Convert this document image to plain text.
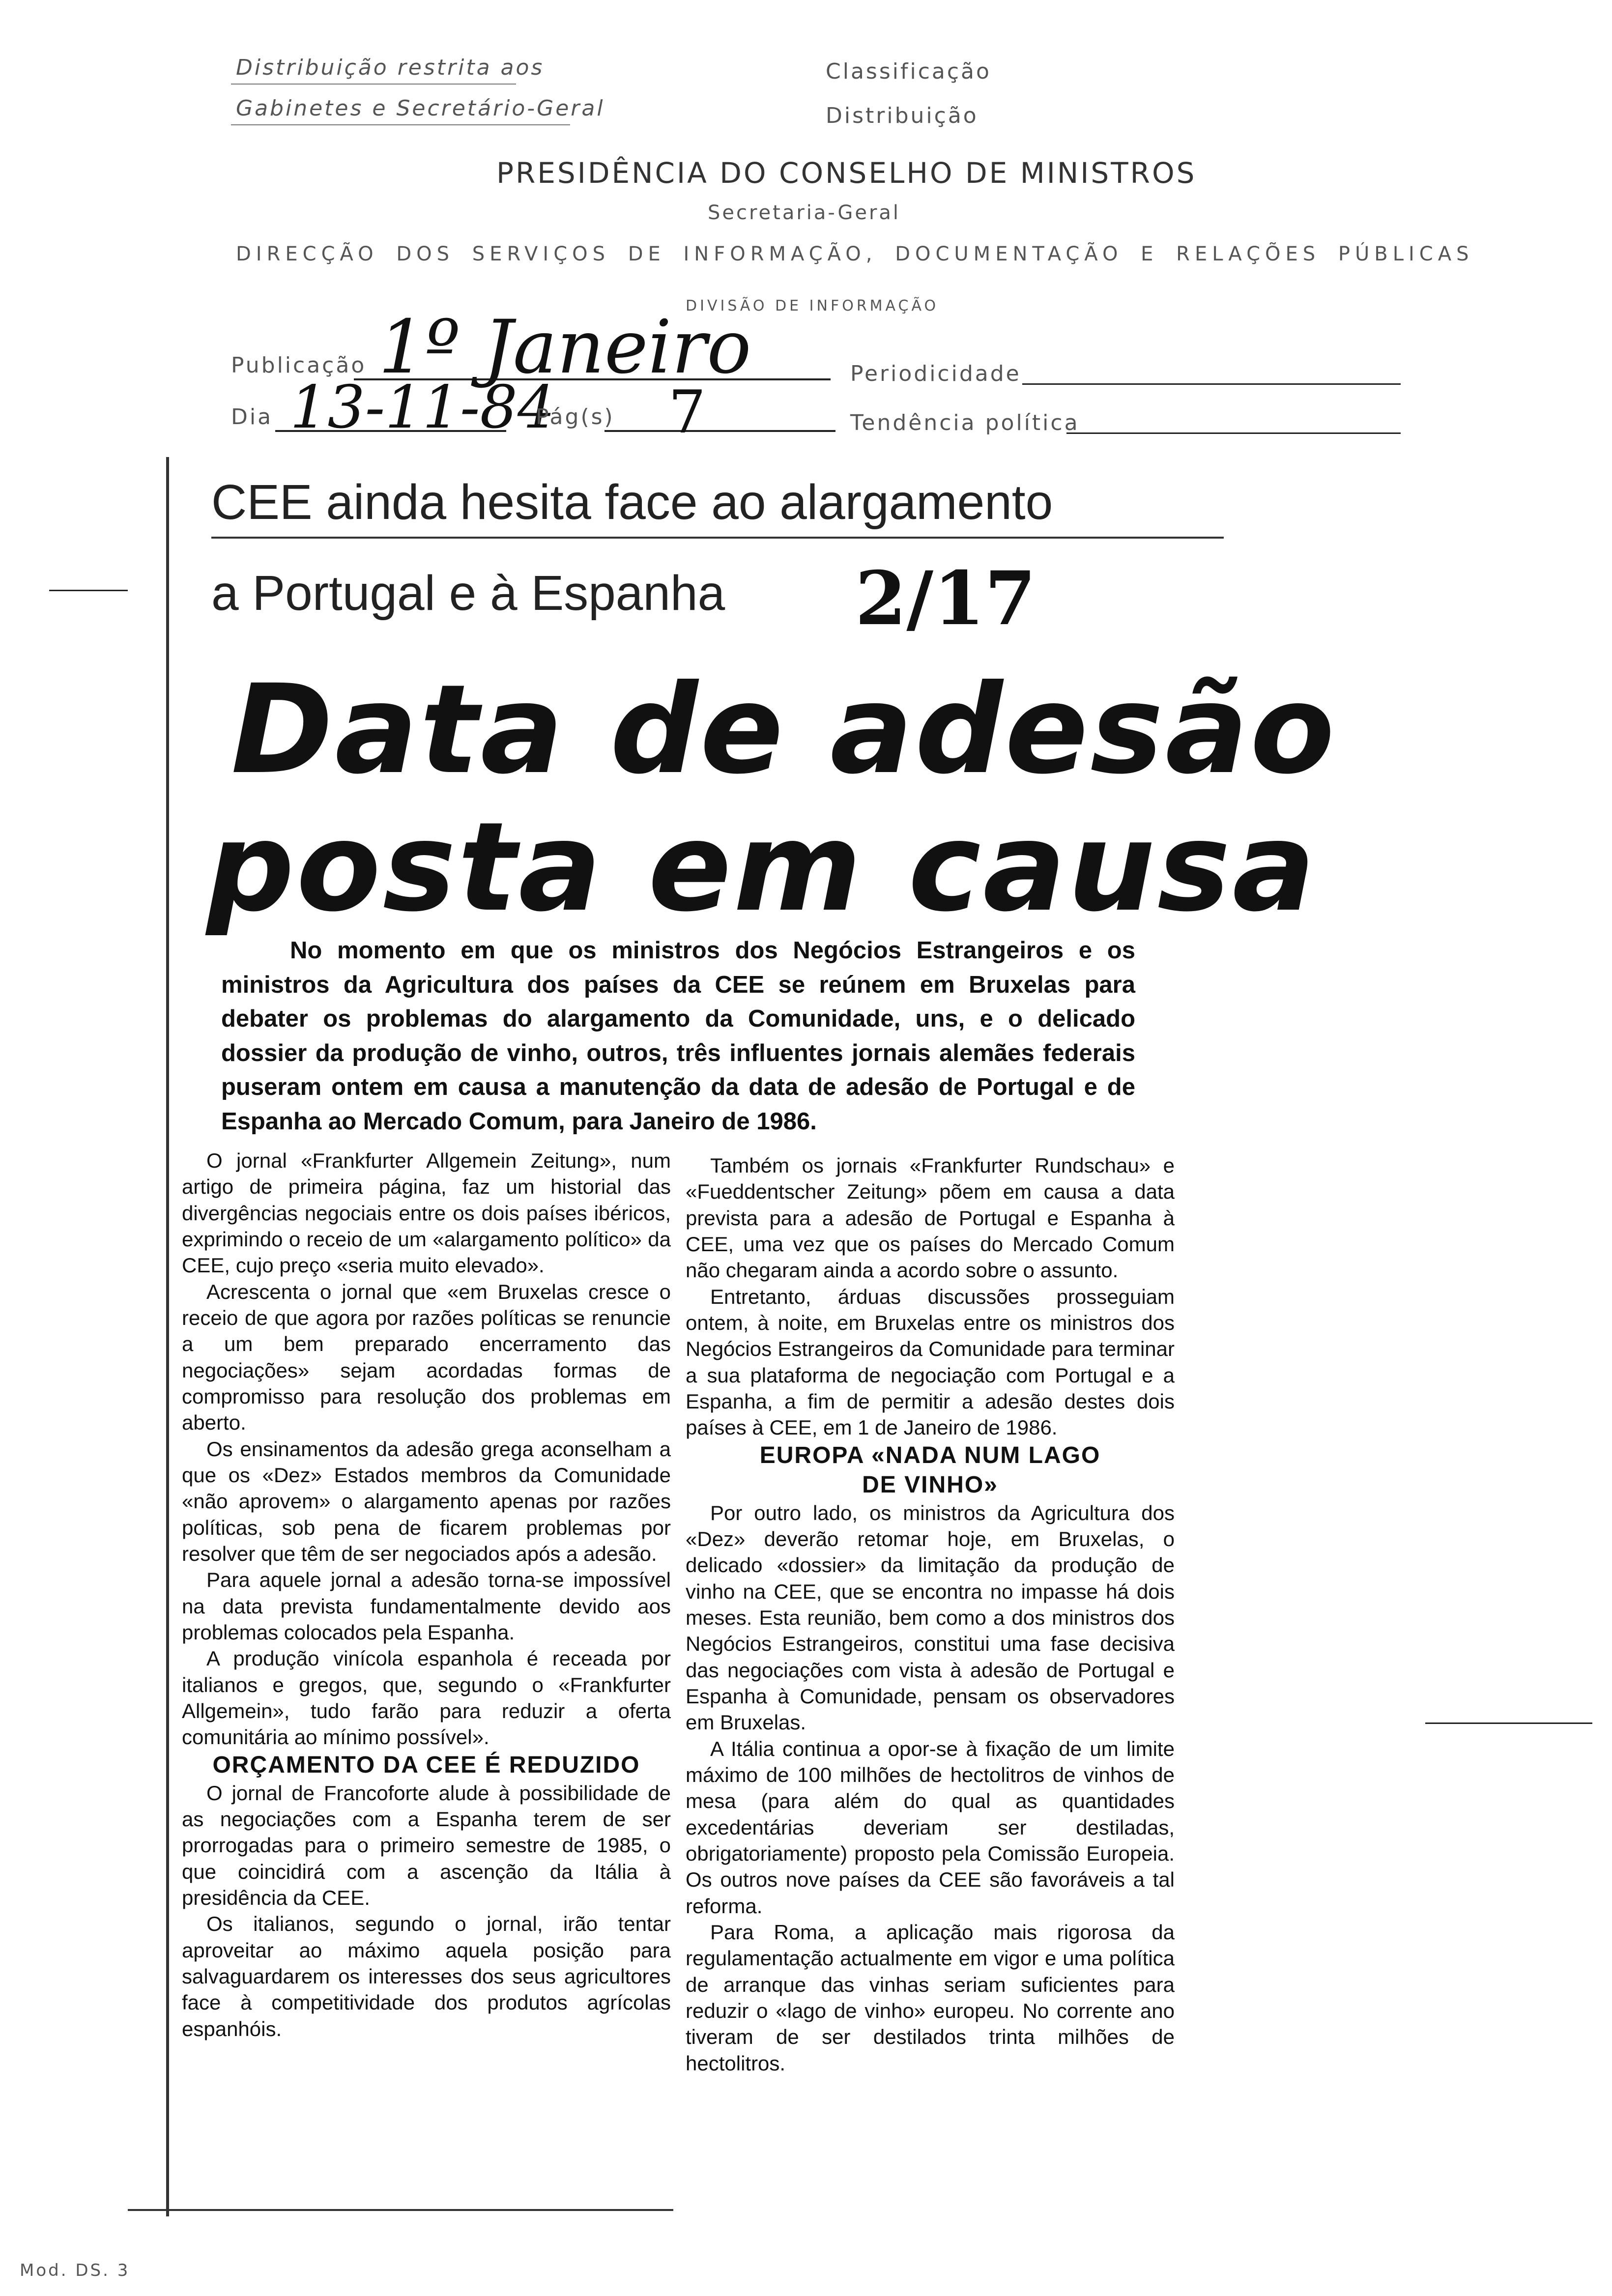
Distribuição restrita aos
Gabinetes e Secretário-Geral
Classificação
Distribuição
PRESIDÊNCIA DO CONSELHO DE MINISTROS
Secretaria-Geral
DIRECÇÃO DOS SERVIÇOS DE INFORMAÇÃO, DOCUMENTAÇÃO E RELAÇÕES PÚBLICAS
DIVISÃO DE INFORMAÇÃO
Publicação 1º Janeiro	Periodicidade
Dia 13-11-84
Pág(s) 7	Tendência política
CEE ainda hesita face ao alargamento
a Portugal e à Espanha 2/17
Data de adesão
posta em causa
No momento em que os ministros dos Negócios Estrangeiros e os ministros da Agricultura dos países da CEE se reúnem em Bruxelas para debater os problemas do alargamento da Comunidade, uns, e o delicado dossier da produção de vinho, outros, três influentes jornais alemães federais puseram ontem em causa a manutenção da data de adesão de Portugal e de Espanha ao Mercado Comum, para Janeiro de 1986.

O jornal «Frankfurter Allgemein Zeitung», num artigo de primeira página, faz um historial das divergências negociais entre os dois países ibéricos, exprimindo o receio de um «alargamento político» da CEE, cujo preço «seria muito elevado».

Acrescenta o jornal que «em Bruxelas cresce o receio de que agora por razões políticas se renuncie a um bem preparado encerramento das negociações» sejam acordadas formas de compromisso para resolução dos problemas em aberto.

Os ensinamentos da adesão grega aconselham a que os «Dez» Estados membros da Comunidade «não aprovem» o alargamento apenas por razões políticas, sob pena de ficarem problemas por resolver que têm de ser negociados após a adesão.

Para aquele jornal a adesão torna-se impossível na data prevista fundamentalmente devido aos problemas colocados pela Espanha.

A produção vinícola espanhola é receada por italianos e gregos, que, segundo o «Frankfurter Allgemein», tudo farão para reduzir a oferta comunitária ao mínimo possível».

ORÇAMENTO DA CEE É REDUZIDO

O jornal de Francoforte alude à possibilidade de as negociações com a Espanha terem de ser prorrogadas para o primeiro semestre de 1985, o que coincidirá com a ascenção da Itália à presidência da CEE.

Os italianos, segundo o jornal, irão tentar aproveitar ao máximo aquela posição para salvaguardarem os interesses dos seus agricultores face à competitividade dos produtos agrícolas espanhóis.

Também os jornais «Frankfurter Rundschau» e «Fueddentscher Zeitung» põem em causa a data prevista para a adesão de Portugal e Espanha à CEE, uma vez que os países do Mercado Comum não chegaram ainda a acordo sobre o assunto.

Entretanto, árduas discussões prosseguiam ontem, à noite, em Bruxelas entre os ministros dos Negócios Estrangeiros da Comunidade para terminar a sua plataforma de negociação com Portugal e a Espanha, a fim de permitir a adesão destes dois países à CEE, em 1 de Janeiro de 1986.

EUROPA «NADA NUM LAGO

DE VINHO»

Por outro lado, os ministros da Agricultura dos «Dez» deverão retomar hoje, em Bruxelas, o delicado «dossier» da limitação da produção de vinho na CEE, que se encontra no impasse há dois meses. Esta reunião, bem como a dos ministros dos Negócios Estrangeiros, constitui uma fase decisiva das negociações com vista à adesão de Portugal e Espanha à Comunidade, pensam os observadores em Bruxelas.

A Itália continua a opor-se à fixação de um limite máximo de 100 milhões de hectolitros de vinhos de mesa (para além do qual as quantidades excedentárias deveriam ser destiladas, obrigatoriamente) proposto pela Comissão Europeia. Os outros nove países da CEE são favoráveis a tal reforma.

Para Roma, a aplicação mais rigorosa da regulamentação actualmente em vigor e uma política de arranque das vinhas seriam suficientes para reduzir o «lago de vinho» europeu. No corrente ano tiveram de ser destilados trinta milhões de hectolitros.

Mod. DS. 3
